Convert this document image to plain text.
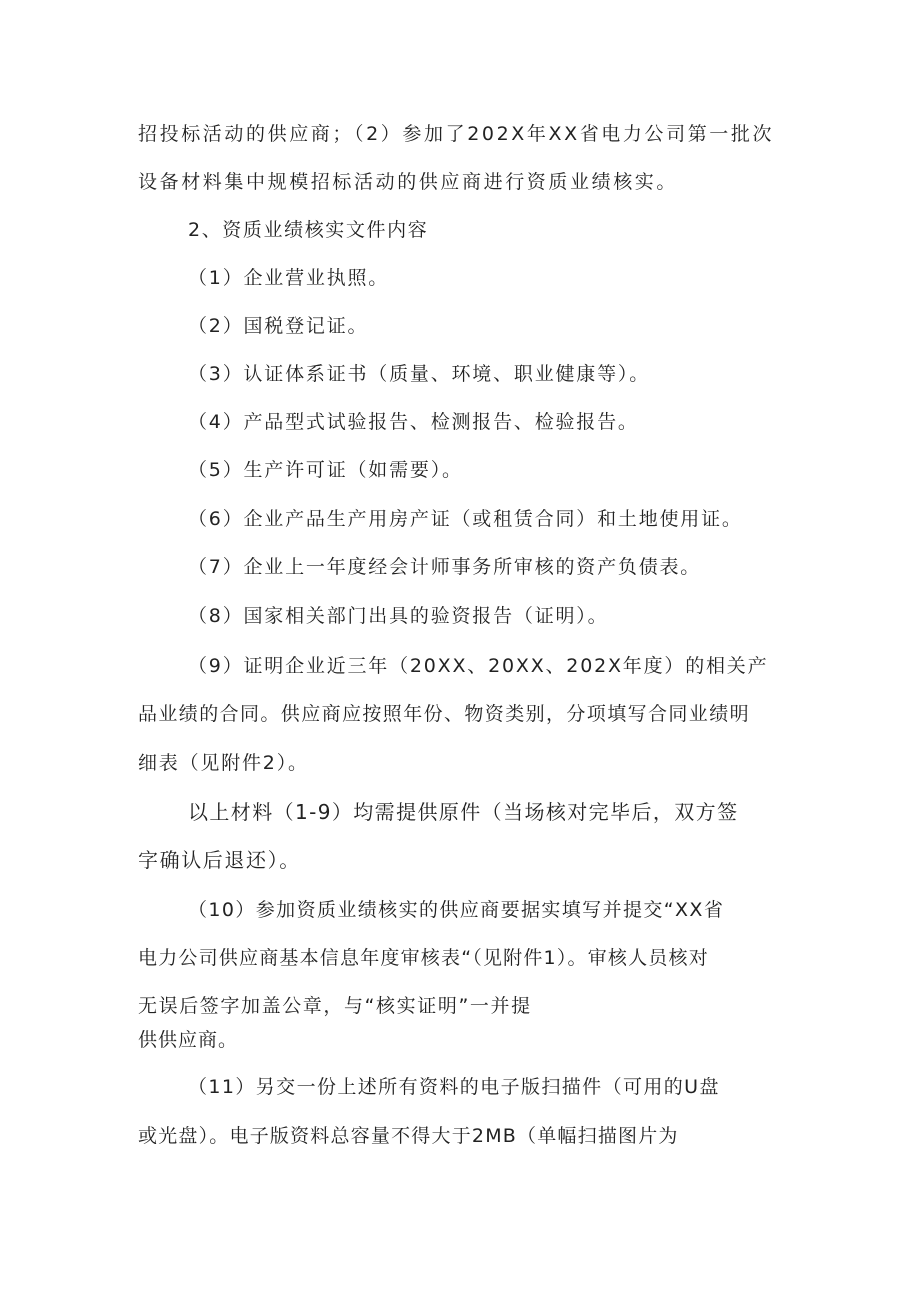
招投标活动的供应商；（2）参加了202X年XX省电力公司第一批次
设备材料集中规模招标活动的供应商进行资质业绩核实。
2、资质业绩核实文件内容
（1）企业营业执照。
（2）国税登记证。
（3）认证体系证书（质量、环境、职业健康等）。
（4）产品型式试验报告、检测报告、检验报告。
（5）生产许可证（如需要）。
（6）企业产品生产用房产证（或租赁合同）和土地使用证。
（7）企业上一年度经会计师事务所审核的资产负债表。
（8）国家相关部门出具的验资报告（证明）。
（9）证明企业近三年（20XX、20XX、202X年度）的相关产
品业绩的合同。供应商应按照年份、物资类别，分项填写合同业绩明
细表（见附件2）。
以上材料（1-9）均需提供原件（当场核对完毕后，双方签
字确认后退还）。
（10）参加资质业绩核实的供应商要据实填写并提交“XX省
电力公司供应商基本信息年度审核表“（见附件1）。审核人员核对
无误后签字加盖公章，与“核实证明”一并提
供供应商。
（11）另交一份上述所有资料的电子版扫描件（可用的U盘
或光盘）。电子版资料总容量不得大于2MB（单幅扫描图片为
